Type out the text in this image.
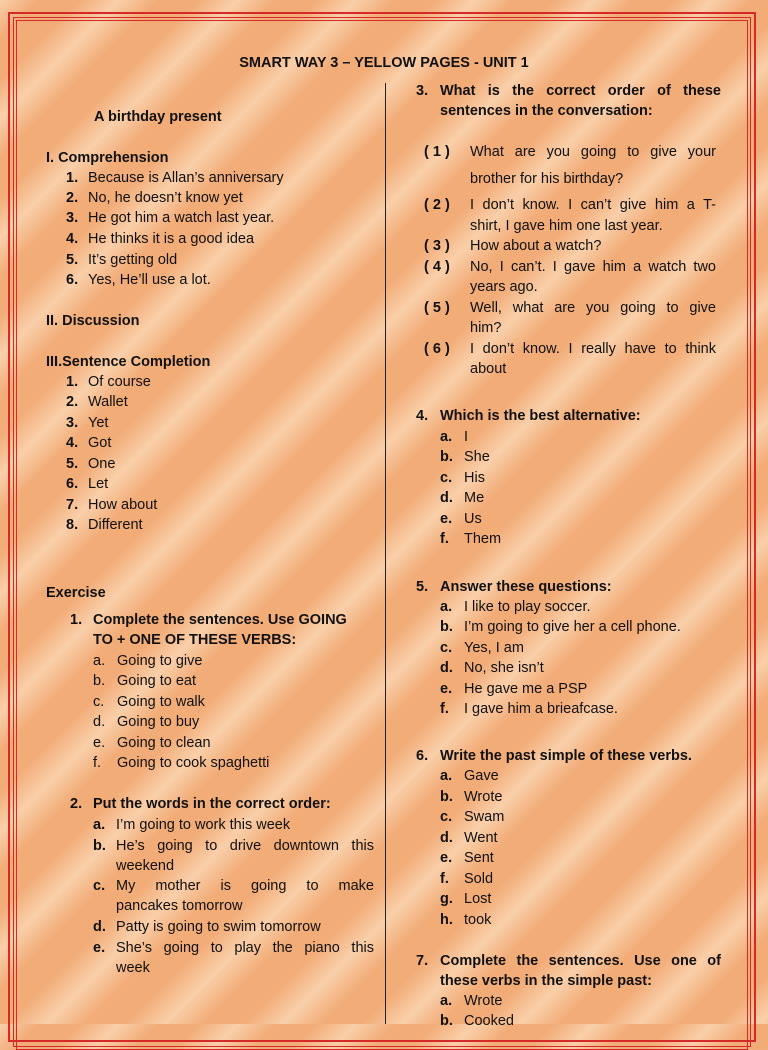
SMART WAY 3 – YELLOW PAGES - UNIT 1
A birthday present
I. Comprehension
1. Because is Allan’s anniversary
2. No, he doesn’t know yet
3. He got him a watch last year.
4. He thinks it is a good idea
5. It’s getting old
6. Yes, He’ll use a lot.
II. Discussion
III.Sentence Completion
1. Of course
2. Wallet
3. Yet
4. Got
5. One
6. Let
7. How about
8. Different
Exercise
1. Complete the sentences. Use GOING
TO + ONE OF THESE VERBS:
a. Going to give
b. Going to eat
c. Going to walk
d. Going to buy
e. Going to clean
f. Going to cook spaghetti
2. Put the words in the correct order:
a. I’m going to work this week
b. He’s going to drive downtown this
weekend
c. My mother is going to make
pancakes tomorrow
d. Patty is going to swim tomorrow
e. She’s going to play the piano this
week
3. What is the correct order of these
sentences in the conversation:
( 1 ) What are you going to give your
brother for his birthday?
( 2 ) I don’t know. I can’t give him a T-
shirt, I gave him one last year.
( 3 ) How about a watch?
( 4 ) No, I can’t. I gave him a watch two
years ago.
( 5 ) Well, what are you going to give
him?
( 6 ) I don’t know. I really have to think
about
4. Which is the best alternative:
a. I
b. She
c. His
d. Me
e. Us
f. Them
5. Answer these questions:
a. I like to play soccer.
b. I’m going to give her a cell phone.
c. Yes, I am
d. No, she isn’t
e. He gave me a PSP
f. I gave him a brieafcase.
6. Write the past simple of these verbs.
a. Gave
b. Wrote
c. Swam
d. Went
e. Sent
f. Sold
g. Lost
h. took
7. Complete the sentences. Use one of
these verbs in the simple past:
a. Wrote
b. Cooked
